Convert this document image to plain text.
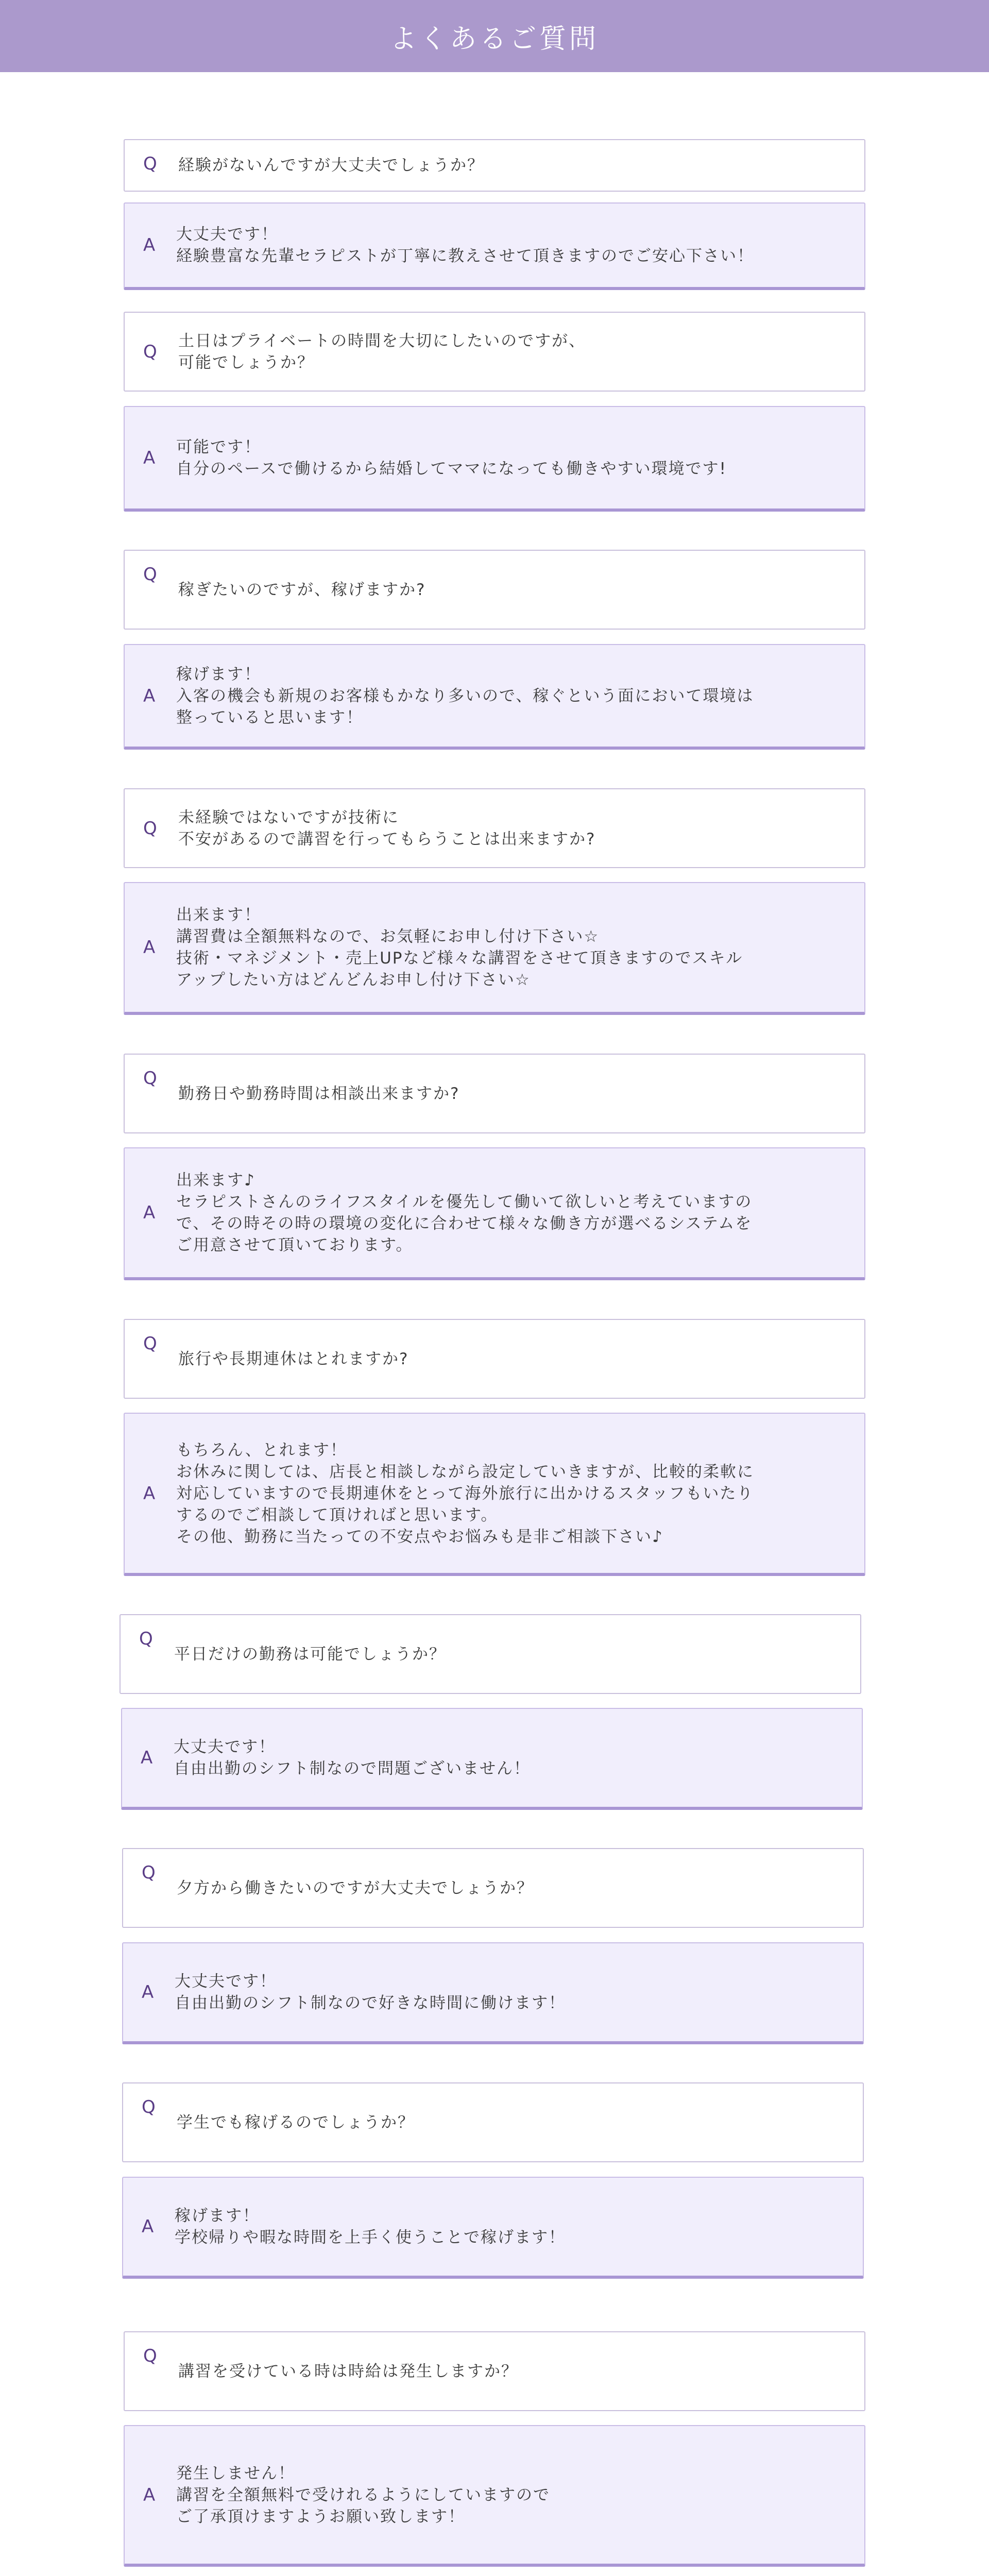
よくあるご質問
Q 経験がないんですが大丈夫でしょうか？
A
大丈夫です！
経験豊富な先輩セラピストが丁寧に教えさせて頂きますのでご安心下さい！
Q
土日はプライベートの時間を大切にしたいのですが、
可能でしょうか？
A
可能です！
自分のペースで働けるから結婚してママになっても働きやすい環境です!
Q
稼ぎたいのですが、稼げますか?
A
稼げます！
入客の機会も新規のお客様もかなり多いので、稼ぐという面において環境は
整っていると思います！
Q
未経験ではないですが技術に
不安があるので講習を行ってもらうことは出来ますか?
A
出来ます！
講習費は全額無料なので、お気軽にお申し付け下さい☆
技術・マネジメント・売上UPなど様々な講習をさせて頂きますのでスキル
アップしたい方はどんどんお申し付け下さい☆
Q
勤務日や勤務時間は相談出来ますか?
A
出来ます♪
セラピストさんのライフスタイルを優先して働いて欲しいと考えていますの
で、その時その時の環境の変化に合わせて様々な働き方が選べるシステムを
ご用意させて頂いております。
Q
旅行や長期連休はとれますか?
A
もちろん、とれます！
お休みに関しては、店長と相談しながら設定していきますが、比較的柔軟に
対応していますので長期連休をとって海外旅行に出かけるスタッフもいたり
するのでご相談して頂ければと思います。
その他、勤務に当たっての不安点やお悩みも是非ご相談下さい♪
Q
平日だけの勤務は可能でしょうか？
A
大丈夫です！
自由出勤のシフト制なので問題ございません！
Q
夕方から働きたいのですが大丈夫でしょうか？
A
大丈夫です！
自由出勤のシフト制なので好きな時間に働けます！
Q
学生でも稼げるのでしょうか？
A
稼げます！
学校帰りや暇な時間を上手く使うことで稼げます！
Q
講習を受けている時は時給は発生しますか？
A
発生しません！
講習を全額無料で受けれるようにしていますので
ご了承頂けますようお願い致します！
